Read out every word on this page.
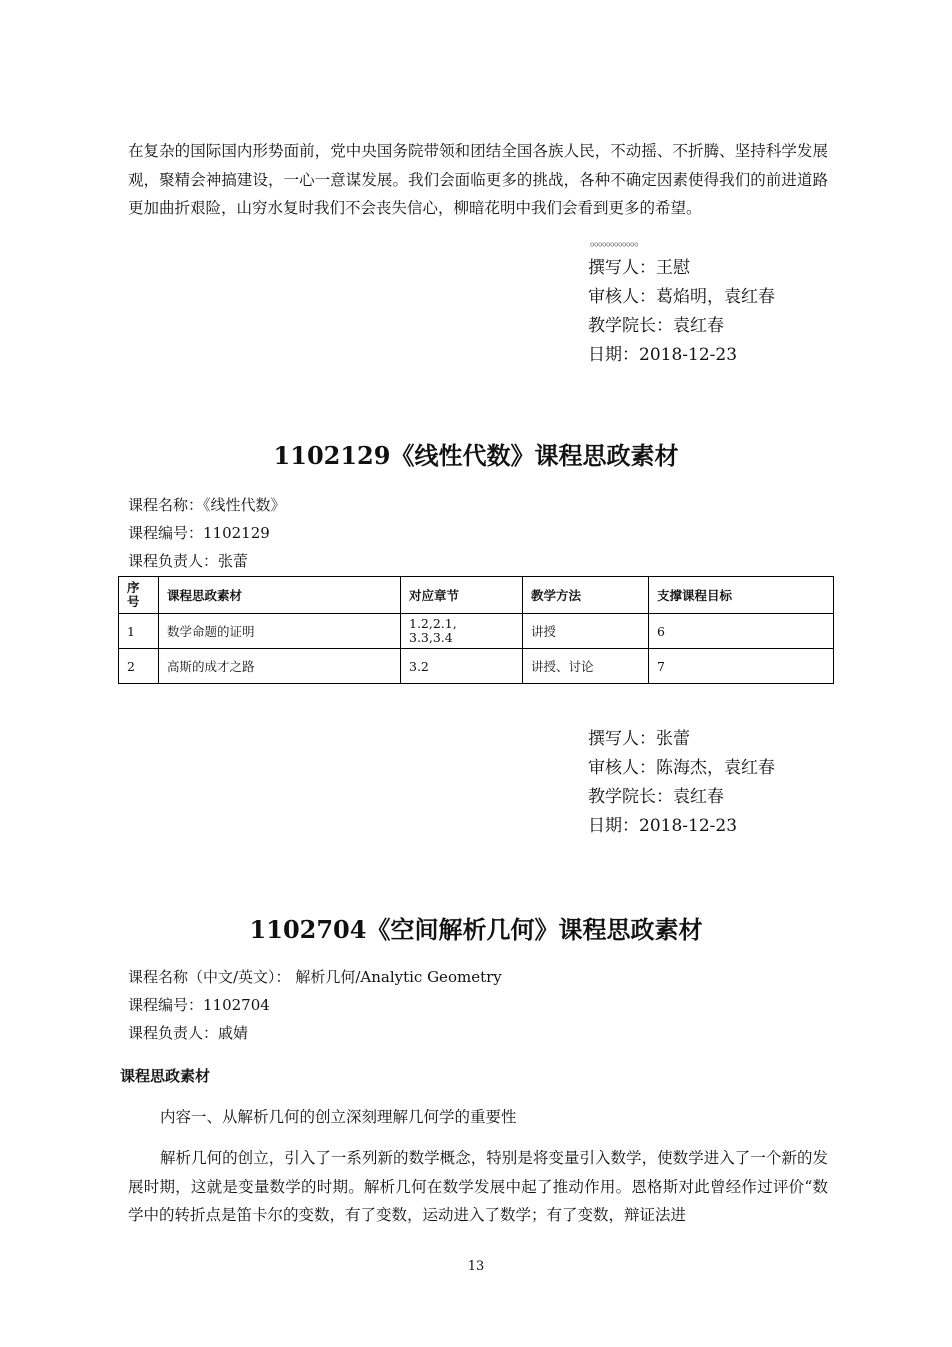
在复杂的国际国内形势面前，党中央国务院带领和团结全国各族人民，不动摇、不折腾、坚持科学发展观，聚精会神搞建设，一心一意谋发展。我们会面临更多的挑战，各种不确定因素使得我们的前进道路更加曲折艰险，山穷水复时我们不会丧失信心，柳暗花明中我们会看到更多的希望。
。。。。。。。。。。。。
撰写人：王慰
审核人：葛焰明，袁红春
教学院长：袁红春
日期：2018-12-23
1102129《线性代数》课程思政素材
课程名称：《线性代数》
课程编号：1102129
课程负责人：张蕾
序号	课程思政素材	对应章节	教学方法	支撑课程目标
1	数学命题的证明	1.2,2.1, 3.3,3.4	讲授	6
2	高斯的成才之路	3.2	讲授、讨论	7
撰写人：张蕾
审核人：陈海杰，袁红春
教学院长：袁红春
日期：2018-12-23
1102704《空间解析几何》课程思政素材
课程名称（中文/英文）： 解析几何/Analytic Geometry
课程编号：1102704
课程负责人：戚婧
课程思政素材
内容一、从解析几何的创立深刻理解几何学的重要性
解析几何的创立，引入了一系列新的数学概念，特别是将变量引入数学，使数学进入了一个新的发展时期，这就是变量数学的时期。解析几何在数学发展中起了推动作用。恩格斯对此曾经作过评价“数学中的转折点是笛卡尔的变数，有了变数，运动进入了数学；有了变数，辩证法进
13
